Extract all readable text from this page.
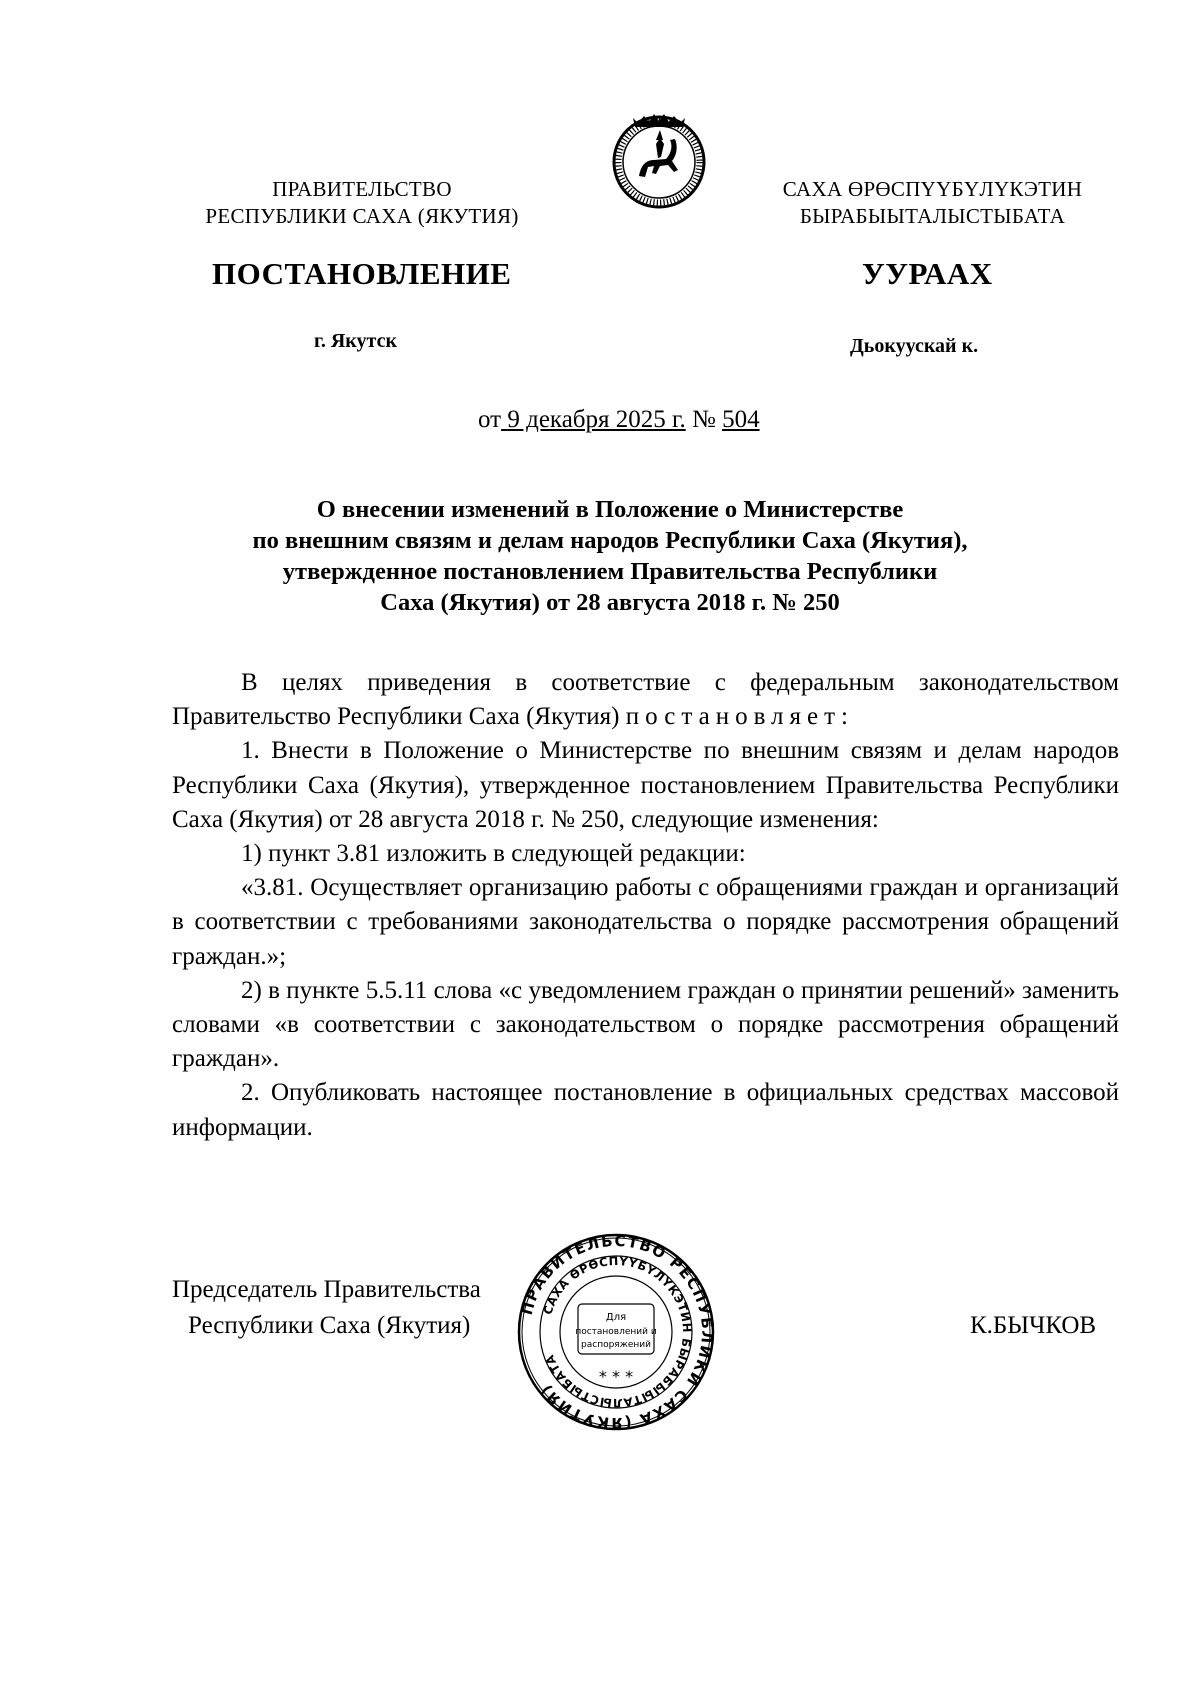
ПРАВИТЕЛЬСТВО
РЕСПУБЛИКИ САХА (ЯКУТИЯ)
САХА ӨРӨСПҮҮБҮЛҮКЭТИН
БЫРАБЫЫТАЛЫСТЫБАТА
ПОСТАНОВЛЕНИЕ	УУРААХ
г. Якутск	Дьокуускай к.
от 9 декабря 2025 г. № 504
О внесении изменений в Положение о Министерстве
по внешним связям и делам народов Республики Саха (Якутия),
утвержденное постановлением Правительства Республики
Саха (Якутия) от 28 августа 2018 г. № 250

В целях приведения в соответствие с федеральным законодательством Правительство Республики Саха (Якутия) постановляет:

1. Внести в Положение о Министерстве по внешним связям и делам народов Республики Саха (Якутия), утвержденное постановлением Правительства Республики Саха (Якутия) от 28 августа 2018 г. № 250, следующие изменения:

1) пункт 3.81 изложить в следующей редакции:

«3.81. Осуществляет организацию работы с обращениями граждан и организаций в соответствии с требованиями законодательства о порядке рассмотрения обращений граждан.»;

2) в пункте 5.5.11 слова «с уведомлением граждан о принятии решений» заменить словами «в соответствии с законодательством о порядке рассмотрения обращений граждан».

2. Опубликовать настоящее постановление в официальных средствах массовой информации.

Председатель Правительства
Республики Саха (Якутия)	К.БЫЧКОВ
ПРАВИТЕЛЬСТВО РЕСПУБЛИКИ САХА (ЯКУТИЯ)
САХА ӨРӨСПҮҮБҮЛҮКЭТИН БЫРАБЫЫТАЛЫСТЫБАТА
Для
постановлений и
распоряжений
* * *
